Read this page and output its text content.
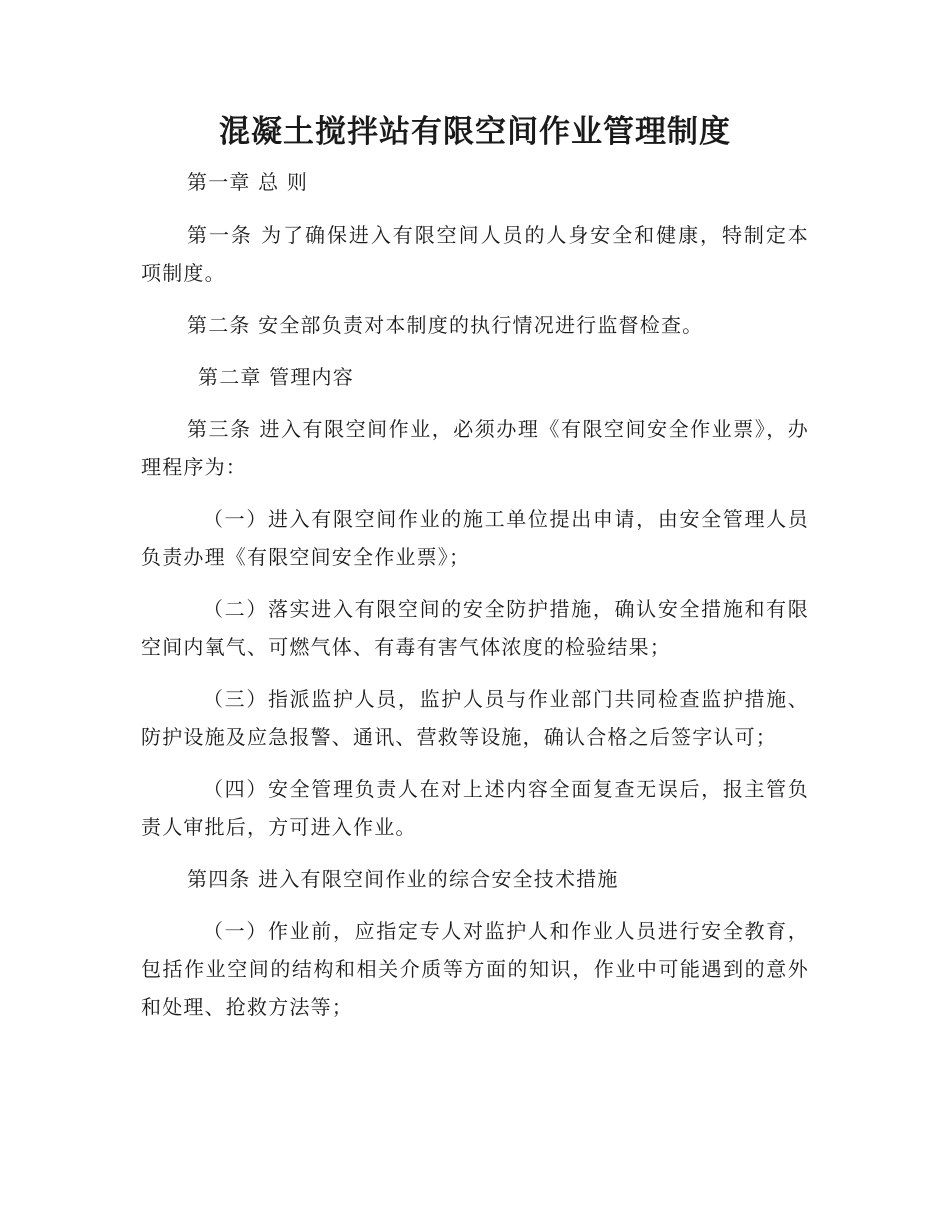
混凝土搅拌站有限空间作业管理制度
第一章 总 则
第一条 为了确保进入有限空间人员的人身安全和健康，特制定本项制度。
第二条 安全部负责对本制度的执行情况进行监督检查。
第二章 管理内容
第三条 进入有限空间作业，必须办理《有限空间安全作业票》，办理程序为：
（一）进入有限空间作业的施工单位提出申请，由安全管理人员负责办理《有限空间安全作业票》；
（二）落实进入有限空间的安全防护措施，确认安全措施和有限空间内氧气、可燃气体、有毒有害气体浓度的检验结果；
（三）指派监护人员，监护人员与作业部门共同检查监护措施、防护设施及应急报警、通讯、营救等设施，确认合格之后签字认可；
（四）安全管理负责人在对上述内容全面复查无误后，报主管负责人审批后，方可进入作业。
第四条 进入有限空间作业的综合安全技术措施
（一）作业前，应指定专人对监护人和作业人员进行安全教育，包括作业空间的结构和相关介质等方面的知识，作业中可能遇到的意外和处理、抢救方法等；
